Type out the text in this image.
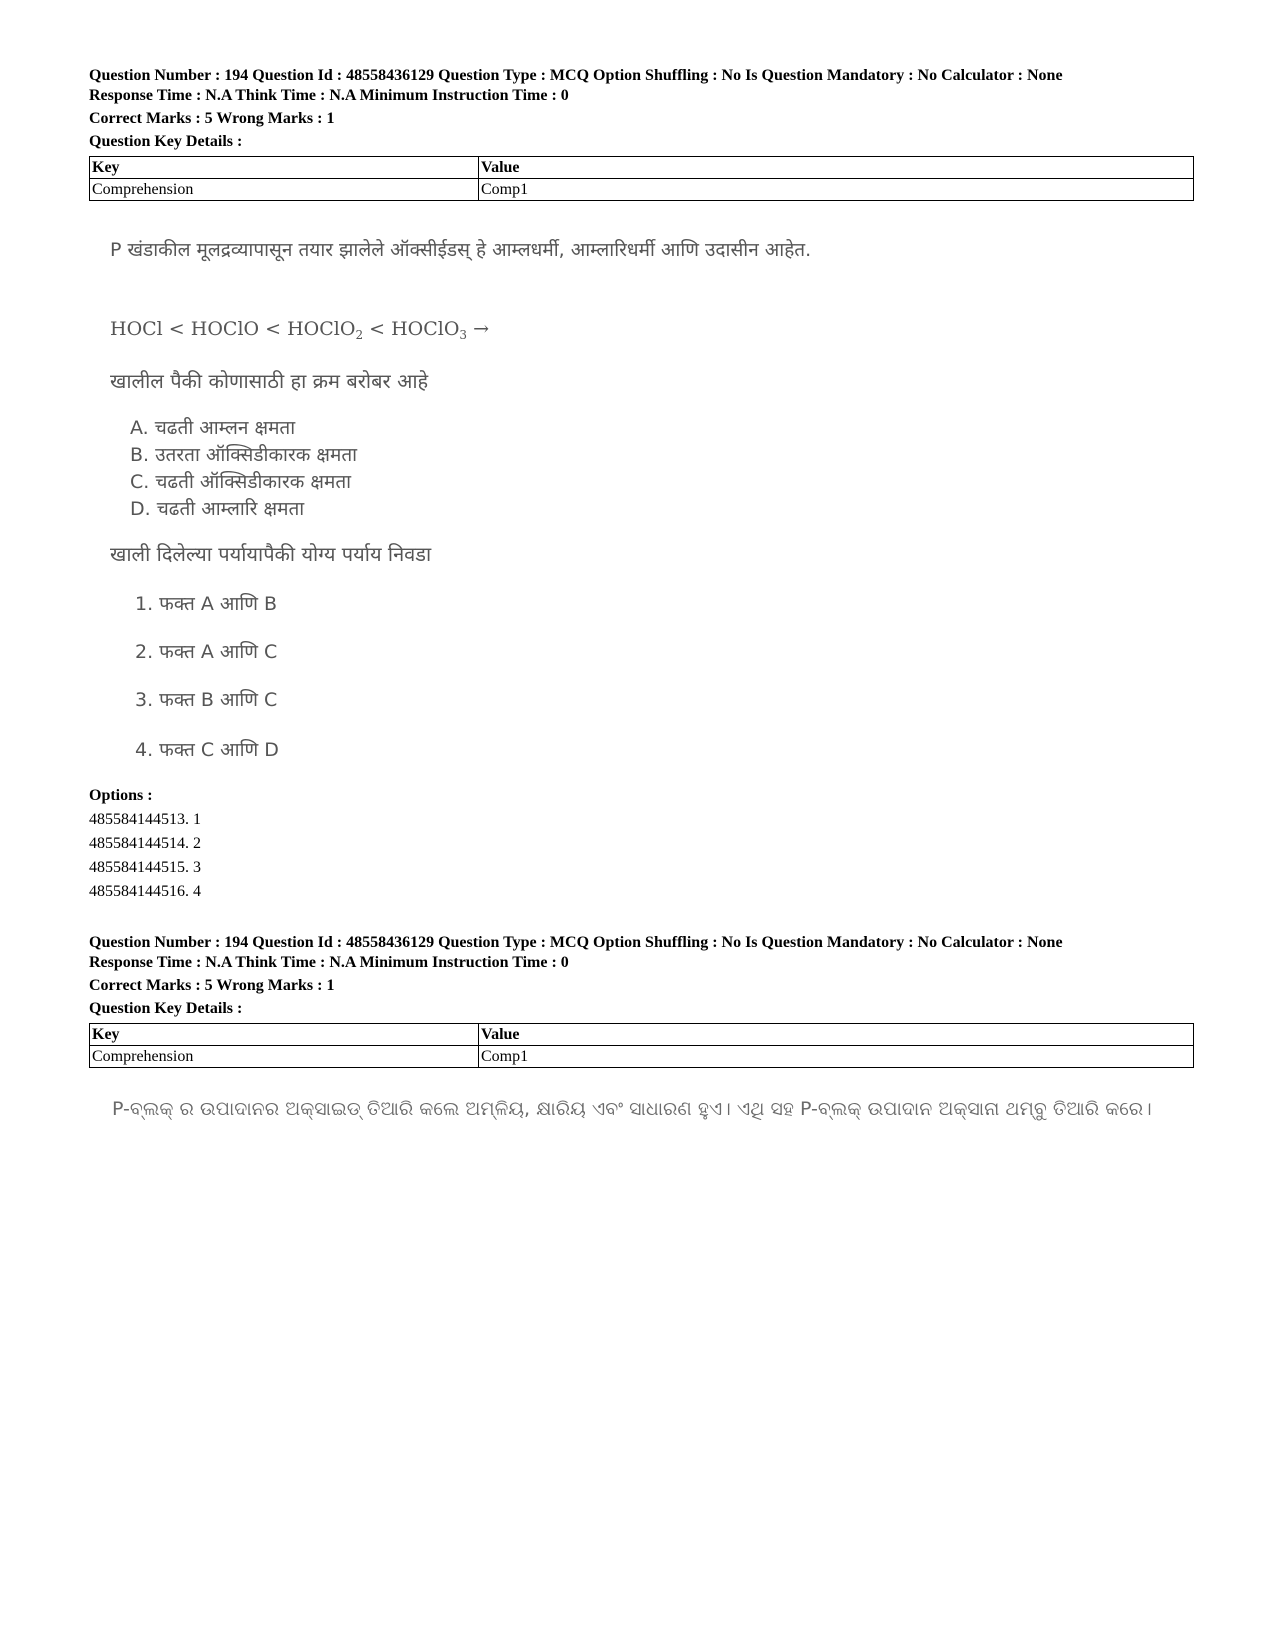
Question Number : 194 Question Id : 48558436129 Question Type : MCQ Option Shuffling : No Is Question Mandatory : No Calculator : None

Response Time : N.A Think Time : N.A Minimum Instruction Time : 0

Correct Marks : 5 Wrong Marks : 1

Question Key Details :

Key	Value
Comprehension	Comp1
P खंडाकील मूलद्रव्यापासून तयार झालेले ऑक्सीईडस् हे आम्लधर्मी, आम्लारिधर्मी आणि उदासीन आहेत.
HOCl < HOClO < HOClO$_2$ < HOClO$_3$ →
खालील पैकी कोणासाठी हा क्रम बरोबर आहे
A. चढती आम्लन क्षमता
B. उतरता ऑक्सिडीकारक क्षमता
C. चढती ऑक्सिडीकारक क्षमता
D. चढती आम्लारि क्षमता
खाली दिलेल्या पर्यायापैकी योग्य पर्याय निवडा
1. फक्त A आणि B
2. फक्त A आणि C
3. फक्त B आणि C
4. फक्त C आणि D
Options :
485584144513. 1
485584144514. 2
485584144515. 3
485584144516. 4

Question Number : 194 Question Id : 48558436129 Question Type : MCQ Option Shuffling : No Is Question Mandatory : No Calculator : None

Response Time : N.A Think Time : N.A Minimum Instruction Time : 0

Correct Marks : 5 Wrong Marks : 1

Question Key Details :

Key	Value
Comprehension	Comp1
P-ବ୍ଲକ୍ ର ଉପାଦାନର ଅକ୍ସାଇଡ୍ ତିଆରି କଲେ ଅମ୍ଳିୟ, କ୍ଷାରିୟ ଏବଂ ସାଧାରଣ ହୁଏ। ଏଥି ସହ P-ବ୍ଲକ୍ ଉପାଦାନ ଅକ୍ସାନା ଥମ୍ବୁ ତିଆରି କରେ।
